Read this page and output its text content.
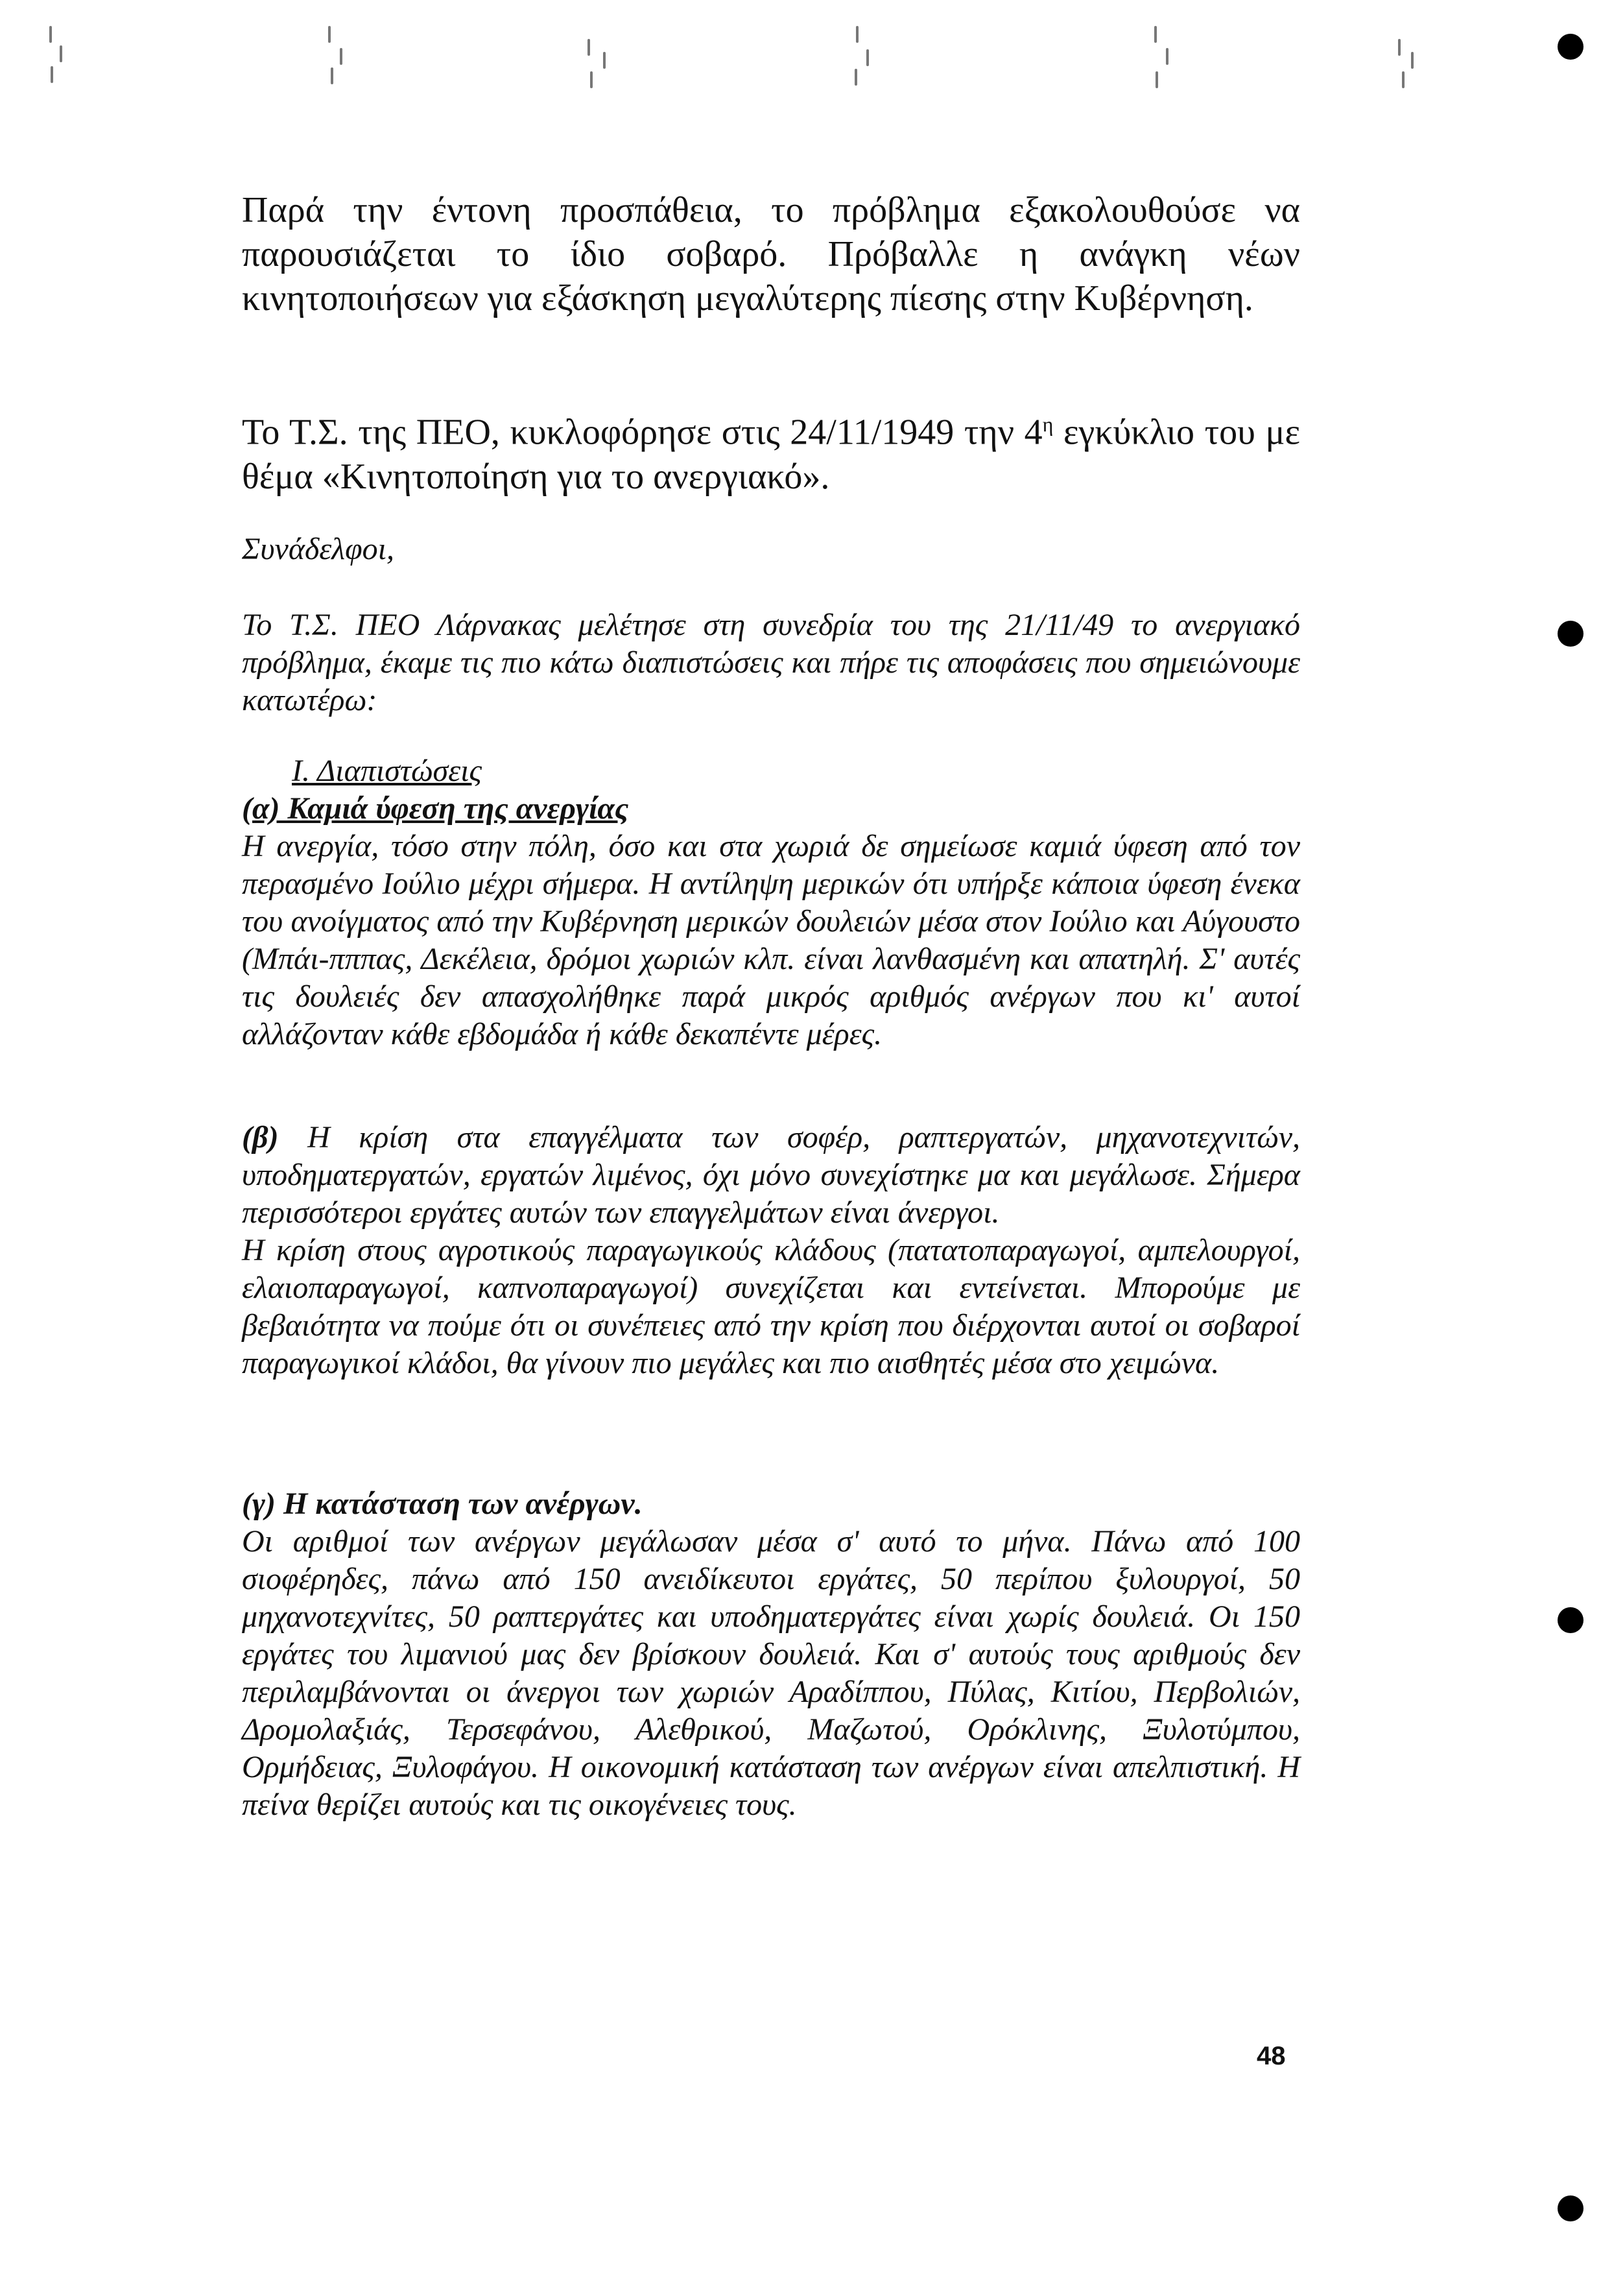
Παρά την έντονη προσπάθεια, το πρόβλημα εξακολουθούσε να παρουσιάζεται το ίδιο σοβαρό. Πρόβαλλε η ανάγκη νέων κινητοποιήσεων για εξάσκηση μεγαλύτερης πίεσης στην Κυβέρνηση.

Το Τ.Σ. της ΠΕΟ, κυκλοφόρησε στις 24/11/1949 την $4^\eta$ εγκύκλιο του με θέμα «Κινητοποίηση για το ανεργιακό».

Συνάδελφοι,

Το Τ.Σ. ΠΕΟ Λάρνακας μελέτησε στη συνεδρία του της 21/11/49 το ανεργιακό πρόβλημα, έκαμε τις πιο κάτω διαπιστώσεις και πήρε τις αποφάσεις που σημειώνουμε κατωτέρω:

Ι. Διαπιστώσεις

(α) Καμιά ύφεση της ανεργίας

Η ανεργία, τόσο στην πόλη, όσο και στα χωριά δε σημείωσε καμιά ύφεση από τον περασμένο Ιούλιο μέχρι σήμερα. Η αντίληψη μερικών ότι υπήρξε κάποια ύφεση ένεκα του ανοίγματος από την Κυβέρνηση μερικών δουλειών μέσα στον Ιούλιο και Αύγουστο (Μπάι-πππας, Δεκέλεια, δρόμοι χωριών κλπ. είναι λανθασμένη και απατηλή. Σ' αυτές τις δουλειές δεν απασχολήθηκε παρά μικρός αριθμός ανέργων που κι' αυτοί αλλάζονταν κάθε εβδομάδα ή κάθε δεκαπέντε μέρες.

(β) Η κρίση στα επαγγέλματα των σοφέρ, ραπτεργατών, μηχανοτεχνιτών, υποδηματεργατών, εργατών λιμένος, όχι μόνο συνεχίστηκε μα και μεγάλωσε. Σήμερα περισσότεροι εργάτες αυτών των επαγγελμάτων είναι άνεργοι.

Η κρίση στους αγροτικούς παραγωγικούς κλάδους (πατατοπαραγωγοί, αμπελουργοί, ελαιοπαραγωγοί, καπνοπαραγωγοί) συνεχίζεται και εντείνεται. Μπορούμε με βεβαιότητα να πούμε ότι οι συνέπειες από την κρίση που διέρχονται αυτοί οι σοβαροί παραγωγικοί κλάδοι, θα γίνουν πιο μεγάλες και πιο αισθητές μέσα στο χειμώνα.

(γ) Η κατάσταση των ανέργων.

Οι αριθμοί των ανέργων μεγάλωσαν μέσα σ' αυτό το μήνα. Πάνω από 100 σιοφέρηδες, πάνω από 150 ανειδίκευτοι εργάτες, 50 περίπου ξυλουργοί, 50 μηχανοτεχνίτες, 50 ραπτεργάτες και υποδηματεργάτες είναι χωρίς δουλειά. Οι 150 εργάτες του λιμανιού μας δεν βρίσκουν δουλειά. Και σ' αυτούς τους αριθμούς δεν περιλαμβάνονται οι άνεργοι των χωριών Αραδίππου, Πύλας, Κιτίου, Περβολιών, Δρομολαξιάς, Τερσεφάνου, Αλεθρικού, Μαζωτού, Ορόκλινης, Ξυλοτύμπου, Ορμήδειας, Ξυλοφάγου. Η οικονομική κατάσταση των ανέργων είναι απελπιστική. Η πείνα θερίζει αυτούς και τις οικογένειες τους.

48
